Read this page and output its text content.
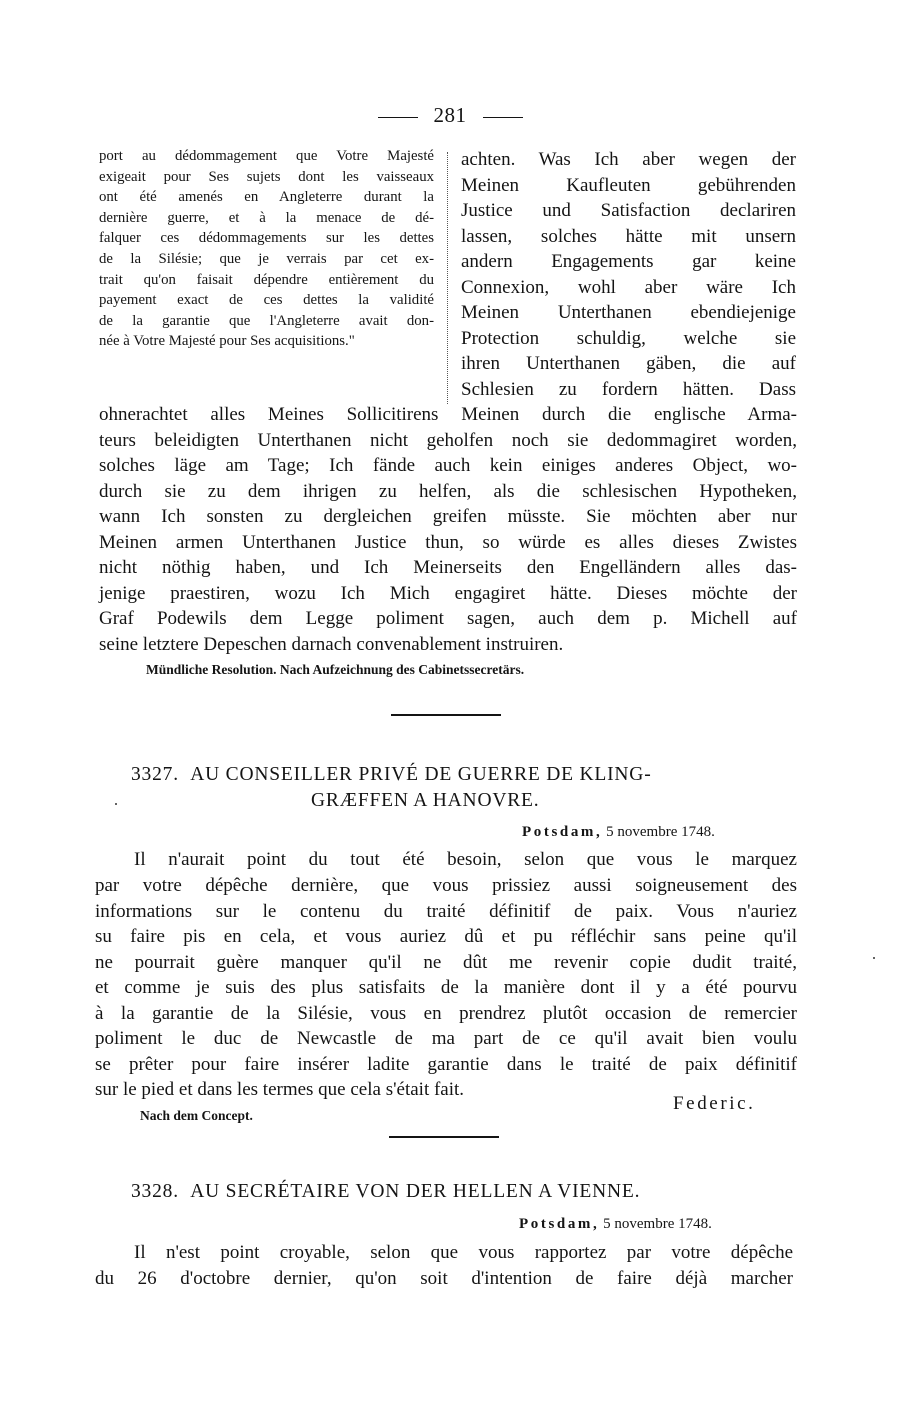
281
port au dédommagement que Votre Majesté
exigeait pour Ses sujets dont les vaisseaux
ont été amenés en Angleterre durant la
dernière guerre, et à la menace de dé-
falquer ces dédommagements sur les dettes
de la Silésie; que je verrais par cet ex-
trait qu'on faisait dépendre entièrement du
payement exact de ces dettes la validité
de la garantie que l'Angleterre avait don-
née à Votre Majesté pour Ses acquisitions."
achten. Was Ich aber wegen der
Meinen Kaufleuten gebührenden
Justice und Satisfaction declariren
lassen, solches hätte mit unsern
andern Engagements gar keine
Connexion, wohl aber wäre Ich
Meinen Unterthanen ebendiejenige
Protection schuldig, welche sie
ihren Unterthanen gäben, die auf
Schlesien zu fordern hätten. Dass
ohnerachtet alles Meines Sollicitirens Meinen durch die englische Arma-
teurs beleidigten Unterthanen nicht geholfen noch sie dedommagiret worden,
solches läge am Tage; Ich fände auch kein einiges anderes Object, wo-
durch sie zu dem ihrigen zu helfen, als die schlesischen Hypotheken,
wann Ich sonsten zu dergleichen greifen müsste. Sie möchten aber nur
Meinen armen Unterthanen Justice thun, so würde es alles dieses Zwistes
nicht nöthig haben, und Ich Meinerseits den Engelländern alles das-
jenige praestiren, wozu Ich Mich engagiret hätte. Dieses möchte der
Graf Podewils dem Legge poliment sagen, auch dem p. Michell auf
seine letztere Depeschen darnach convenablement instruiren.
Mündliche Resolution. Nach Aufzeichnung des Cabinetssecretärs.
3327. AU CONSEILLER PRIVÉ DE GUERRE DE KLING-
GRÆFFEN A HANOVRE.
Potsdam, 5 novembre 1748.
Il n'aurait point du tout été besoin, selon que vous le marquez
par votre dépêche dernière, que vous prissiez aussi soigneusement des
informations sur le contenu du traité définitif de paix. Vous n'auriez
su faire pis en cela, et vous auriez dû et pu réfléchir sans peine qu'il
ne pourrait guère manquer qu'il ne dût me revenir copie dudit traité,
et comme je suis des plus satisfaits de la manière dont il y a été pourvu
à la garantie de la Silésie, vous en prendrez plutôt occasion de remercier
poliment le duc de Newcastle de ma part de ce qu'il avait bien voulu
se prêter pour faire insérer ladite garantie dans le traité de paix définitif
sur le pied et dans les termes que cela s'était fait.
Federic.
Nach dem Concept.
3328. AU SECRÉTAIRE VON DER HELLEN A VIENNE.
Potsdam, 5 novembre 1748.
Il n'est point croyable, selon que vous rapportez par votre dépêche
du 26 d'octobre dernier, qu'on soit d'intention de faire déjà marcher
